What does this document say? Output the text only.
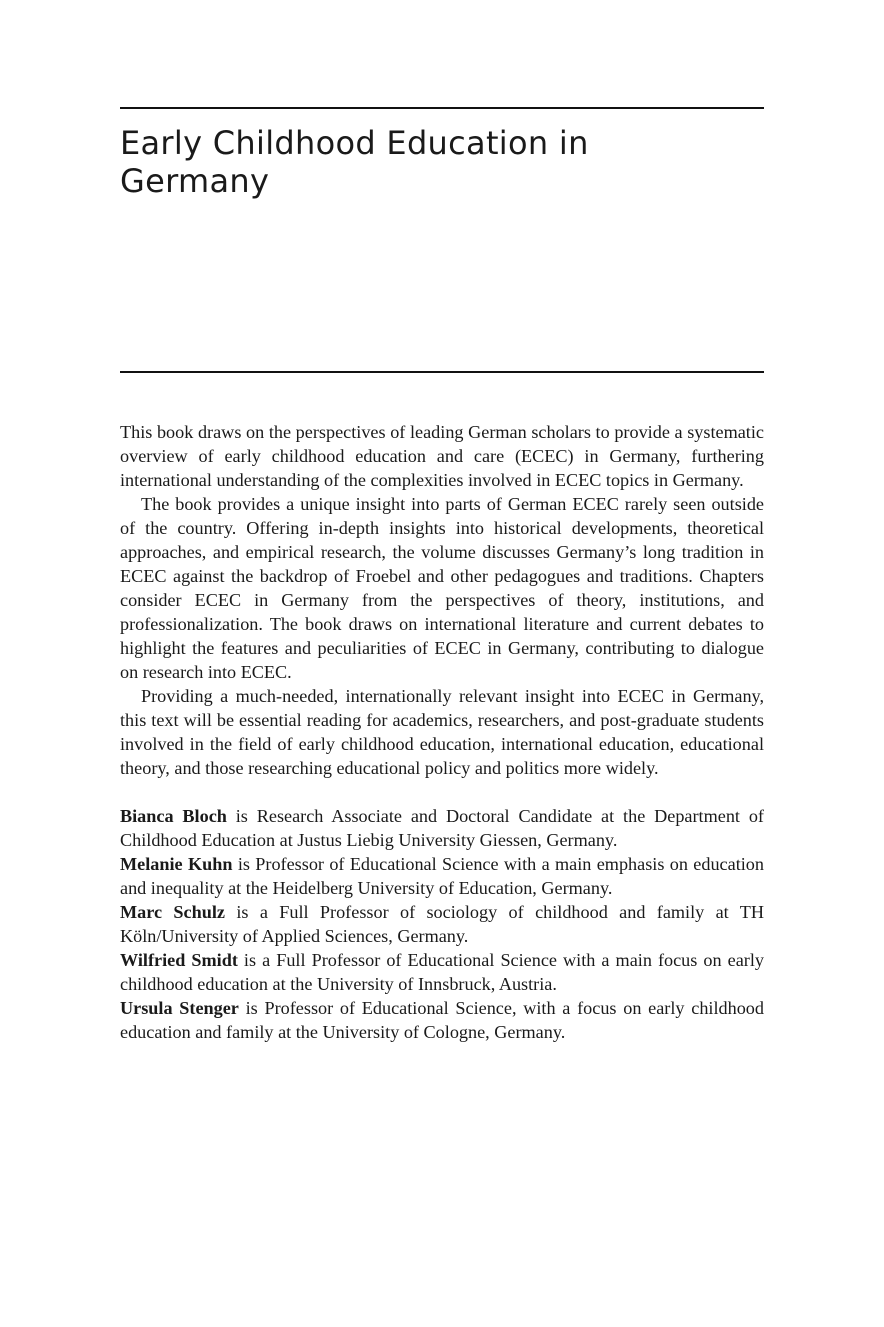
Early Childhood Education in
Germany

This book draws on the perspectives of leading German scholars to provide a systematic overview of early childhood education and care (ECEC) in Germany, furthering international understanding of the complexities involved in ECEC topics in Germany.

The book provides a unique insight into parts of German ECEC rarely seen outside of the country. Offering in-depth insights into historical developments, theoretical approaches, and empirical research, the volume discusses Germany’s long tradition in ECEC against the backdrop of Froebel and other pedagogues and traditions. Chapters consider ECEC in Germany from the perspectives of theory, institutions, and professionalization. The book draws on international literature and current debates to highlight the features and peculiarities of ECEC in Germany, contributing to dialogue on research into ECEC.

Providing a much-needed, internationally relevant insight into ECEC in Germany, this text will be essential reading for academics, researchers, and post-graduate students involved in the field of early childhood education, international education, educational theory, and those researching educational policy and politics more widely.

Bianca Bloch is Research Associate and Doctoral Candidate at the Department of Childhood Education at Justus Liebig University Giessen, Germany.

Melanie Kuhn is Professor of Educational Science with a main emphasis on education and inequality at the Heidelberg University of Education, Germany.

Marc Schulz is a Full Professor of sociology of childhood and family at TH Köln/University of Applied Sciences, Germany.

Wilfried Smidt is a Full Professor of Educational Science with a main focus on early childhood education at the University of Innsbruck, Austria.

Ursula Stenger is Professor of Educational Science, with a focus on early childhood education and family at the University of Cologne, Germany.
